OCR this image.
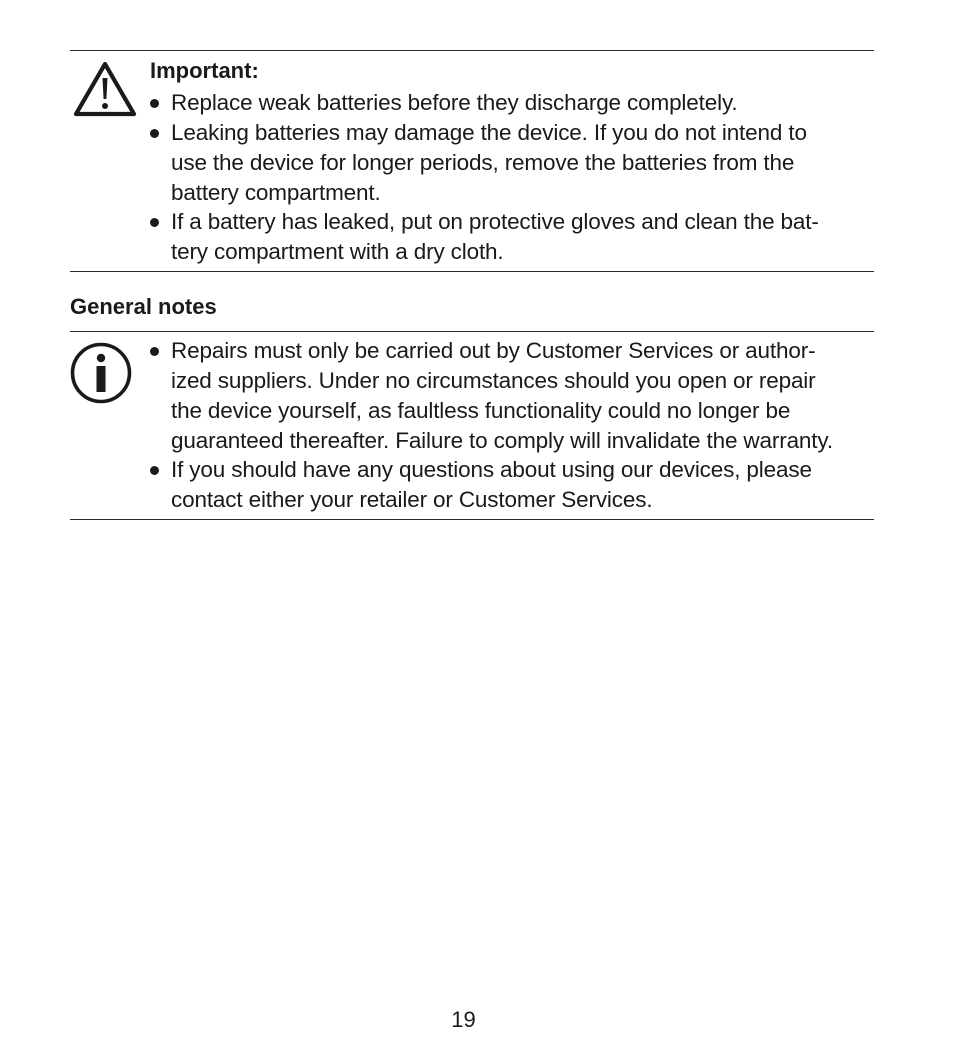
Important:
Replace weak batteries before they discharge completely.
Leaking batteries may damage the device. If you do not intend to
use the device for longer periods, remove the batteries from the
battery compartment.
If a battery has leaked, put on protective gloves and clean the bat-
tery compartment with a dry cloth.
General notes
Repairs must only be carried out by Customer Services or author-
ized suppliers. Under no circumstances should you open or repair
the device yourself, as faultless functionality could no longer be
guaranteed thereafter. Failure to comply will invalidate the warranty.
If you should have any questions about using our devices, please
contact either your retailer or Customer Services.
19
